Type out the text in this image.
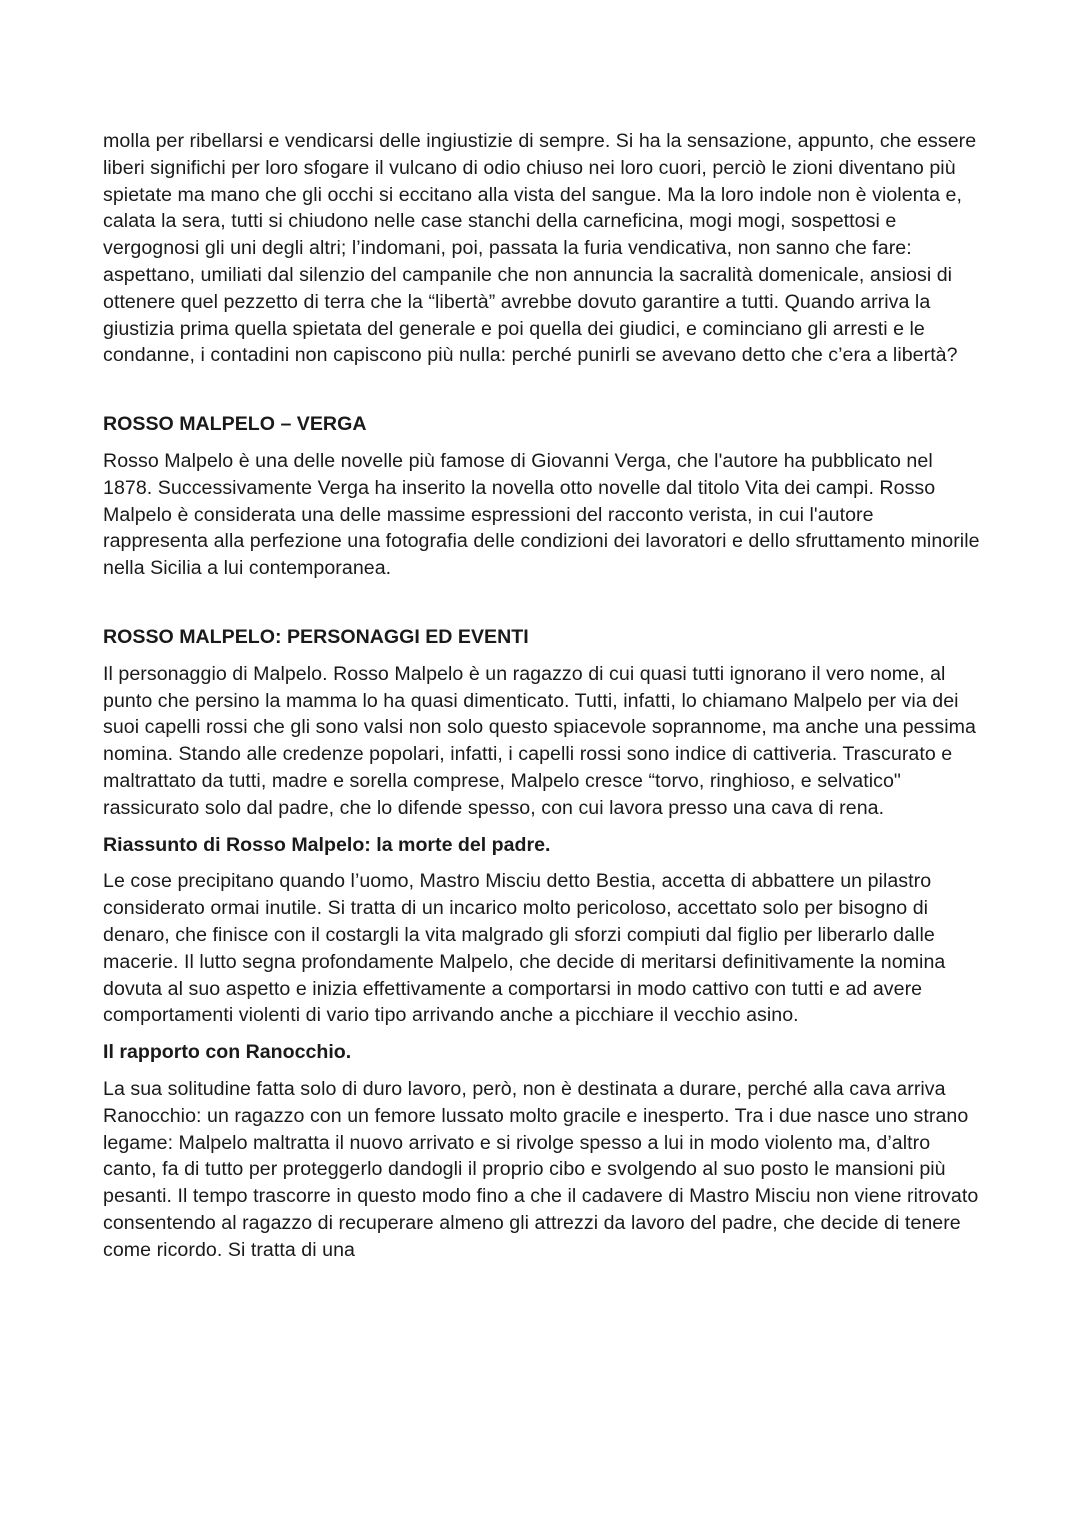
molla per ribellarsi e vendicarsi delle ingiustizie di sempre. Si ha la sensazione, appunto, che essere liberi significhi per loro sfogare il vulcano di odio chiuso nei loro cuori, perciò le zioni diventano più spietate ma mano che gli occhi si eccitano alla vista del sangue. Ma la loro indole non è violenta e, calata la sera, tutti si chiudono nelle case stanchi della carneficina, mogi mogi, sospettosi e vergognosi gli uni degli altri; l’indomani, poi, passata la furia vendicativa, non sanno che fare: aspettano, umiliati dal silenzio del campanile che non annuncia la sacralità domenicale, ansiosi di ottenere quel pezzetto di terra che la “libertà” avrebbe dovuto garantire a tutti. Quando arriva la giustizia prima quella spietata del generale e poi quella dei giudici, e cominciano gli arresti e le condanne, i contadini non capiscono più nulla: perché punirli se avevano detto che c’era a libertà?

ROSSO MALPELO – VERGA

Rosso Malpelo è una delle novelle più famose di Giovanni Verga, che l'autore ha pubblicato nel 1878. Successivamente Verga ha inserito la novella otto novelle dal titolo Vita dei campi. Rosso Malpelo è considerata una delle massime espressioni del racconto verista, in cui l'autore rappresenta alla perfezione una fotografia delle condizioni dei lavoratori e dello sfruttamento minorile nella Sicilia a lui contemporanea.

ROSSO MALPELO: PERSONAGGI ED EVENTI

Il personaggio di Malpelo. Rosso Malpelo è un ragazzo di cui quasi tutti ignorano il vero nome, al punto che persino la mamma lo ha quasi dimenticato. Tutti, infatti, lo chiamano Malpelo per via dei suoi capelli rossi che gli sono valsi non solo questo spiacevole soprannome, ma anche una pessima nomina. Stando alle credenze popolari, infatti, i capelli rossi sono indice di cattiveria. Trascurato e maltrattato da tutti, madre e sorella comprese, Malpelo cresce “torvo, ringhioso, e selvatico" rassicurato solo dal padre, che lo difende spesso, con cui lavora presso una cava di rena.

Riassunto di Rosso Malpelo: la morte del padre.

Le cose precipitano quando l’uomo, Mastro Misciu detto Bestia, accetta di abbattere un pilastro considerato ormai inutile. Si tratta di un incarico molto pericoloso, accettato solo per bisogno di denaro, che finisce con il costargli la vita malgrado gli sforzi compiuti dal figlio per liberarlo dalle macerie. Il lutto segna profondamente Malpelo, che decide di meritarsi definitivamente la nomina dovuta al suo aspetto e inizia effettivamente a comportarsi in modo cattivo con tutti e ad avere comportamenti violenti di vario tipo arrivando anche a picchiare il vecchio asino.

Il rapporto con Ranocchio.

La sua solitudine fatta solo di duro lavoro, però, non è destinata a durare, perché alla cava arriva Ranocchio: un ragazzo con un femore lussato molto gracile e inesperto. Tra i due nasce uno strano legame: Malpelo maltratta il nuovo arrivato e si rivolge spesso a lui in modo violento ma, d’altro canto, fa di tutto per proteggerlo dandogli il proprio cibo e svolgendo al suo posto le mansioni più pesanti. Il tempo trascorre in questo modo fino a che il cadavere di Mastro Misciu non viene ritrovato consentendo al ragazzo di recuperare almeno gli attrezzi da lavoro del padre, che decide di tenere come ricordo. Si tratta di una
